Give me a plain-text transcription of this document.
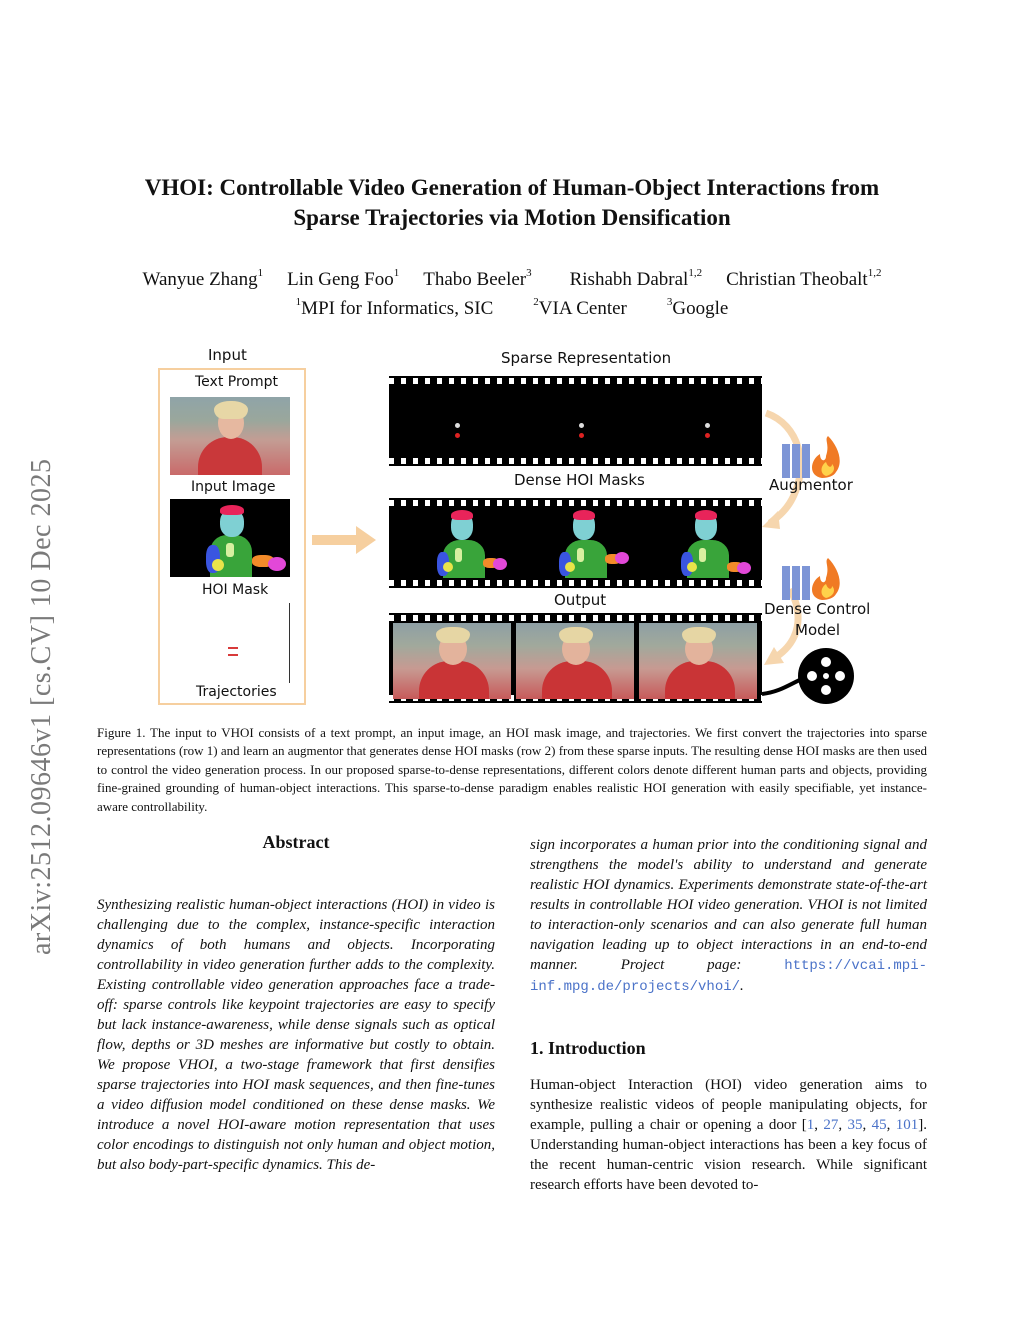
arXiv:2512.09646v1 [cs.CV] 10 Dec 2025
VHOI: Controllable Video Generation of Human-Object Interactions from
Sparse Trajectories via Motion Densification
Wanyue Zhang$^1$ Lin Geng Foo$^1$ Thabo Beeler$^3$ Rishabh Dabral$^{1,2}$ Christian Theobalt$^{1,2}$
$^1$MPI for Informatics, SIC	$^2$VIA Center	$^3$Google
Input
Text Prompt
Input Image
HOI Mask
Trajectories
Sparse Representation
Dense HOI Masks
Output
Augmentor
Dense Control
Model
Figure 1. The input to VHOI consists of a text prompt, an input image, an HOI mask image, and trajectories. We first convert the trajectories into sparse representations (row 1) and learn an augmentor that generates dense HOI masks (row 2) from these sparse inputs. The resulting dense HOI masks are then used to control the video generation process. In our proposed sparse-to-dense representations, different colors denote different human parts and objects, providing fine-grained grounding of human-object interactions. This sparse-to-dense paradigm enables realistic HOI generation with easily specifiable, yet instance-aware controllability.
Abstract
Synthesizing realistic human-object interactions (HOI) in video is challenging due to the complex, instance-specific interaction dynamics of both humans and objects. Incorporating controllability in video generation further adds to the complexity. Existing controllable video generation approaches face a trade-off: sparse controls like keypoint trajectories are easy to specify but lack instance-awareness, while dense signals such as optical flow, depths or 3D meshes are informative but costly to obtain. We propose VHOI, a two-stage framework that first densifies sparse trajectories into HOI mask sequences, and then fine-tunes a video diffusion model conditioned on these dense masks. We introduce a novel HOI-aware motion representation that uses color encodings to distinguish not only human and object motion, but also body-part-specific dynamics. This de-
sign incorporates a human prior into the conditioning signal and strengthens the model's ability to understand and generate realistic HOI dynamics. Experiments demonstrate state-of-the-art results in controllable HOI video generation. VHOI is not limited to interaction-only scenarios and can also generate full human navigation leading up to object interactions in an end-to-end manner. Project page:	https://vcai.mpi-inf.mpg.de/projects/vhoi/.
1. Introduction
Human-object Interaction (HOI) video generation aims to synthesize realistic videos of people manipulating objects, for example, pulling a chair or opening a door [1, 27, 35, 45, 101]. Understanding human-object interactions has been a key focus of the recent human-centric vision research. While significant research efforts have been devoted to-
